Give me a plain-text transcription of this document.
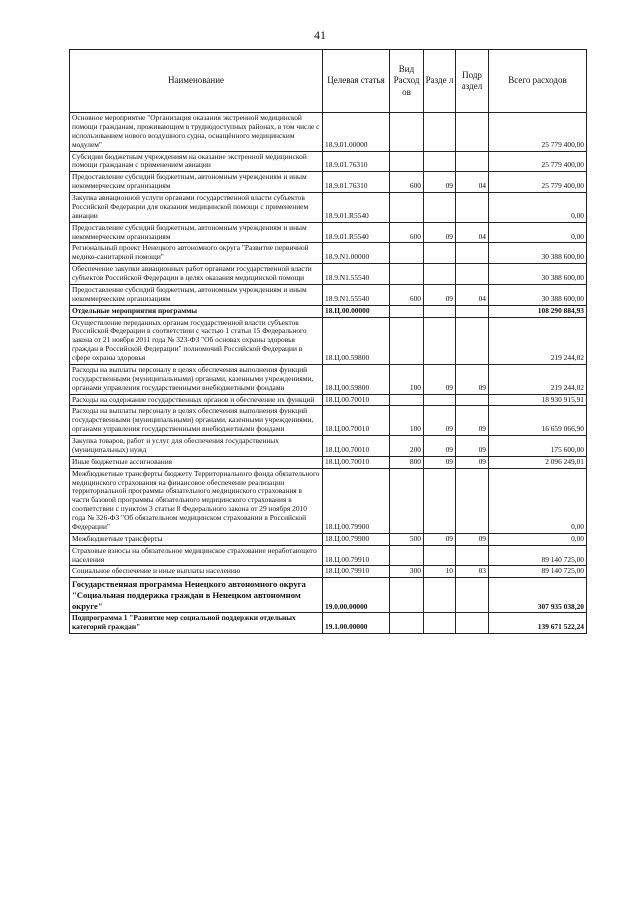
41
Наименование	Целевая статья	Вид Расход ов	Разде л	Подр аздел	Всего расходов
Основное мероприятие "Организация оказания экстренной медицинской помощи гражданам, проживающим в труднодоступных районах, в том числе с использованием нового воздушного судна, оснащённого медицинским модулем"	18.9.01.00000				25 779 400,00
Субсидии бюджетным учреждениям на оказание экстренной медицинской помощи гражданам с применением авиации	18.9.01.76310				25 779 400,00
Предоставление субсидий бюджетным, автономным учреждениям и иным некоммерческим организациям	18.9.01.76310	600	09	04	25 779 400,00
Закупка авиационной услуги органами государственной власти субъектов Российской Федерации для оказания медицинской помощи с применением авиации	18.9.01.R5540				0,00
Предоставление субсидий бюджетным, автономным учреждениям и иным некоммерческим организациям	18.9.01.R5540	600	09	04	0,00
Региональный проект Ненецкого автономного округа "Развитие первичной медико-санитарной помощи"	18.9.N1.00000				30 388 600,00
Обеспечение закупки авиационных работ органами государственной власти субъектов Российской Федерации в целях оказания медицинской помощи	18.9.N1.55540				30 388 600,00
Предоставление субсидий бюджетным, автономным учреждениям и иным некоммерческим организациям	18.9.N1.55540	600	09	04	30 388 600,00
Отдельные мероприятия программы	18.Ц.00.00000				108 290 884,93
Осуществление переданных органам государственной власти субъектов Российской Федерации в соответствии с частью 1 статьи 15 Федерального закона от 21 ноября 2011 года № 323-ФЗ "Об основах охраны здоровья граждан в Российской Федерации" полномочий Российской Федерации в сфере охраны здоровья	18.Ц.00.59800				219 244,02
Расходы на выплаты персоналу в целях обеспечения выполнения функций государственными (муниципальными) органами, казенными учреждениями, органами управления государственными внебюджетными фондами	18.Ц.00.59800	100	09	09	219 244,02
Расходы на содержание государственных органов и обеспечение их функций	18.Ц.00.70010				18 930 915,91
Расходы на выплаты персоналу в целях обеспечения выполнения функций государственными (муниципальными) органами, казенными учреждениями, органами управления государственными внебюджетными фондами	18.Ц.00.70010	100	09	09	16 659 066,90
Закупка товаров, работ и услуг для обеспечения государственных (муниципальных) нужд	18.Ц.00.70010	200	09	09	175 600,00
Иные бюджетные ассигнования	18.Ц.00.70010	800	09	09	2 096 249,01
Межбюджетные трансферты бюджету Территориального фонда обязательного медицинского страхования на финансовое обеспечение реализации территориальной программы обязательного медицинского страхования в части базовой программы обязательного медицинского страхования в соответствии с пунктом 3 статьи 8 Федерального закона от 29 ноября 2010 года № 326-ФЗ "Об обязательном медицинском страховании в Российской Федерации"	18.Ц.00.79900				0,00
Межбюджетные трансферты	18.Ц.00.79900	500	09	09	0,00
Страховые взносы на обязательное медицинское страхование неработающего населения	18.Ц.00.79910				89 140 725,00
Социальное обеспечение и иные выплаты населению	18.Ц.00.79910	300	10	03	89 140 725,00
Государственная программа Ненецкого автономного округа "Социальная поддержка граждан в Ненецком автономном округе"	19.0.00.00000				307 935 038,20
Подпрограмма 1 "Развитие мер социальной поддержки отдельных категорий граждан"	19.1.00.00000				139 671 522,24
